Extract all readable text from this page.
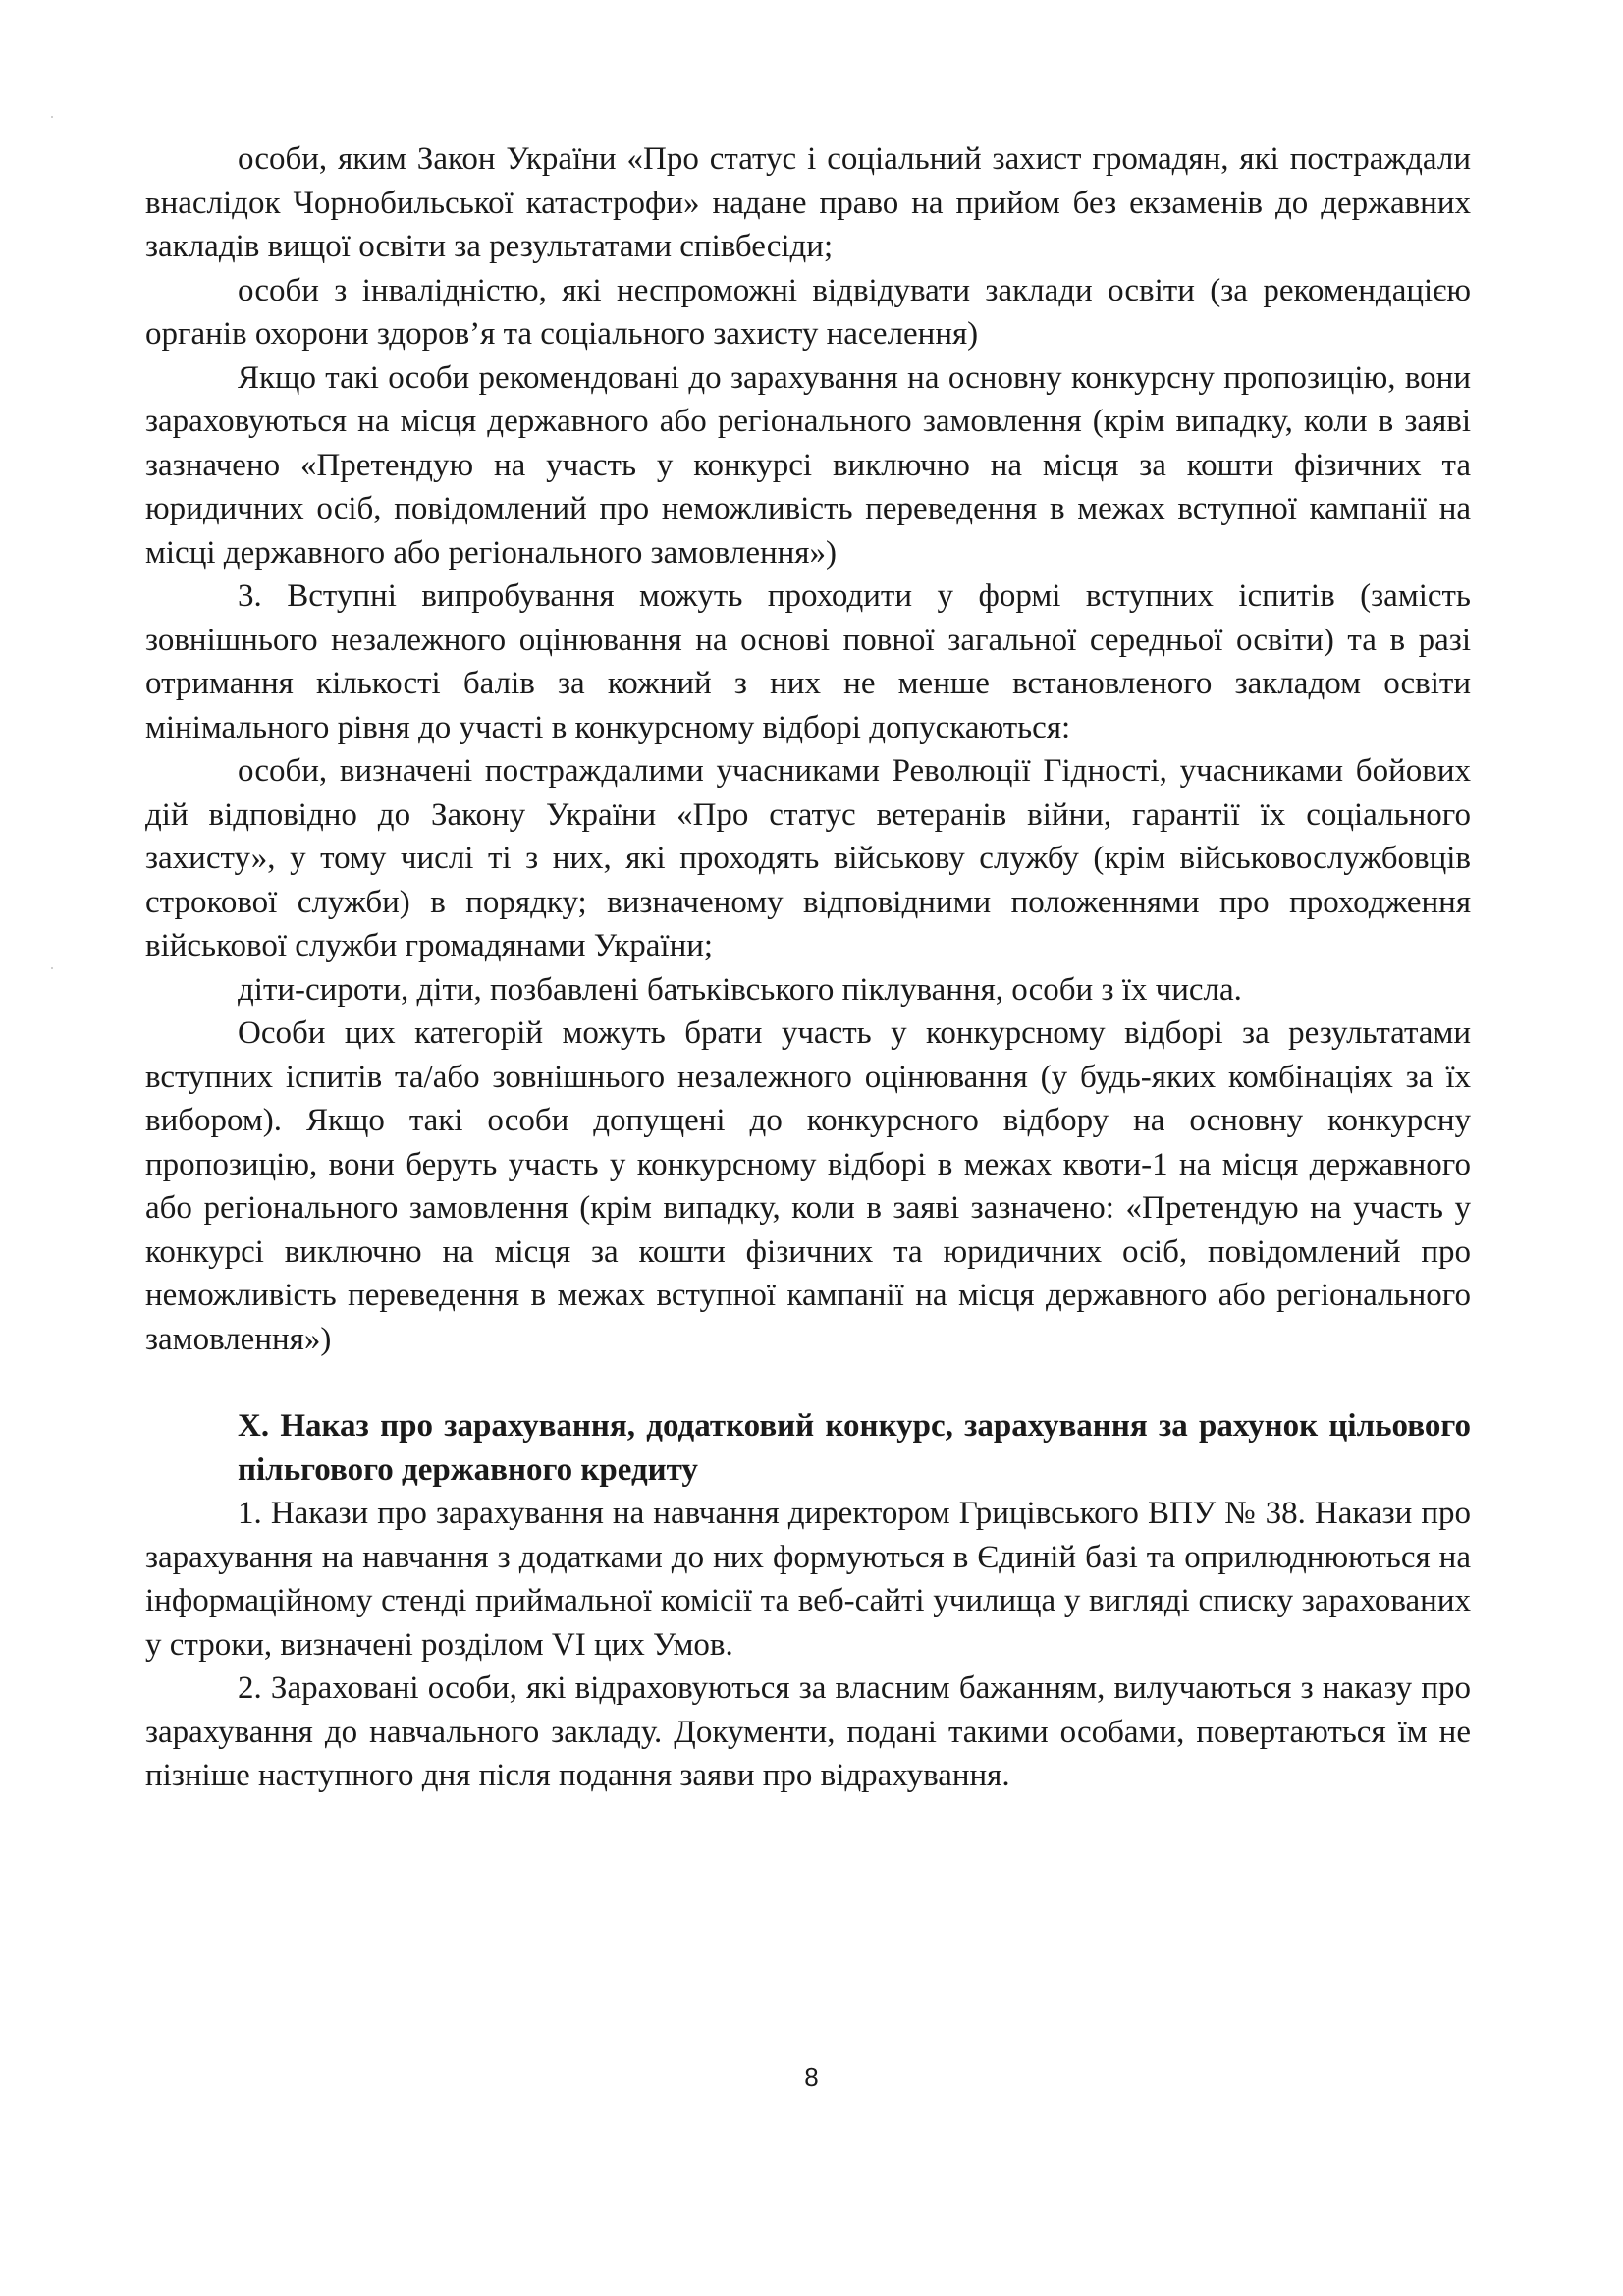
особи, яким Закон України «Про статус і соціальний захист громадян, які постраждали внаслідок Чорнобильської катастрофи» надане право на прийом без екзаменів до державних закладів вищої освіти за результатами співбесіди;

особи з інвалідністю, які неспроможні відвідувати заклади освіти (за рекомендацією органів охорони здоров’я та соціального захисту населення)

Якщо такі особи рекомендовані до зарахування на основну конкурсну пропозицію, вони зараховуються на місця державного або регіонального замовлення (крім випадку, коли в заяві зазначено «Претендую на участь у конкурсі виключно на місця за кошти фізичних та юридичних осіб, повідомлений про неможливість переведення в межах вступної кампанії на місці державного або регіонального замовлення»)

3. Вступні випробування можуть проходити у формі вступних іспитів (замість зовнішнього незалежного оцінювання на основі повної загальної середньої освіти) та в разі отримання кількості балів за кожний з них не менше встановленого закладом освіти мінімального рівня до участі в конкурсному відборі допускаються:

особи, визначені постраждалими учасниками Революції Гідності, учасниками бойових дій відповідно до Закону України «Про статус ветеранів війни, гарантії їх соціального захисту», у тому числі ті з них, які проходять військову службу (крім військовослужбовців строкової служби) в порядку; визначеному відповідними положеннями про проходження військової служби громадянами України;

діти-сироти, діти, позбавлені батьківського піклування, особи з їх числа.

Особи цих категорій можуть брати участь у конкурсному відборі за результатами вступних іспитів та/або зовнішнього незалежного оцінювання (у будь-яких комбінаціях за їх вибором). Якщо такі особи допущені до конкурсного відбору на основну конкурсну пропозицію, вони беруть участь у конкурсному відборі в межах квоти-1 на місця державного або регіонального замовлення (крім випадку, коли в заяві зазначено: «Претендую на участь у конкурсі виключно на місця за кошти фізичних та юридичних осіб, повідомлений про неможливість переведення в межах вступної кампанії на місця державного або регіонального замовлення»)

Х. Наказ про зарахування, додатковий конкурс, зарахування за рахунок цільового пільгового державного кредиту

1. Накази про зарахування на навчання директором Грицівського ВПУ № 38. Накази про зарахування на навчання з додатками до них формуються в Єдиній базі та оприлюднюються на інформаційному стенді приймальної комісії та веб-сайті училища у вигляді списку зарахованих у строки, визначені розділом VI цих Умов.

2. Зараховані особи, які відраховуються за власним бажанням, вилучаються з наказу про зарахування до навчального закладу. Документи, подані такими особами, повертаються їм не пізніше наступного дня після подання заяви про відрахування.

8
